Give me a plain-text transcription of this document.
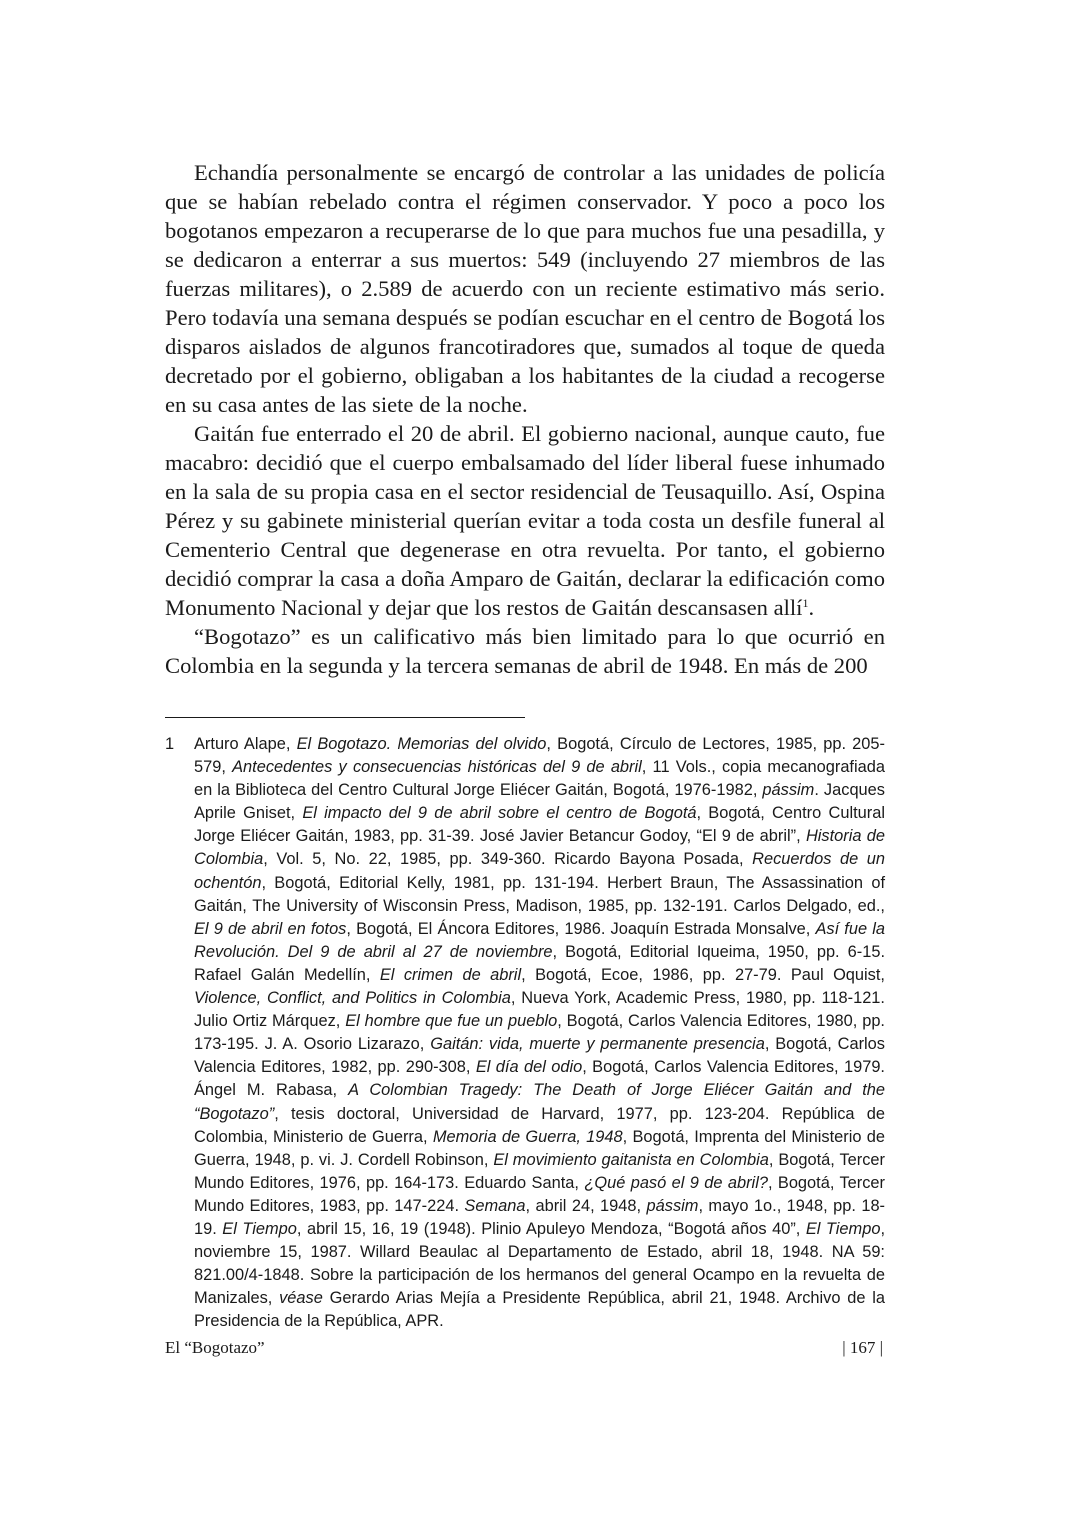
Echandía personalmente se encargó de controlar a las unidades de policía que se habían rebelado contra el régimen conservador. Y poco a poco los bogotanos empezaron a recuperarse de lo que para muchos fue una pesadilla, y se dedicaron a enterrar a sus muertos: 549 (incluyendo 27 miembros de las fuerzas militares), o 2.589 de acuerdo con un reciente estimativo más serio. Pero todavía una semana después se podían escuchar en el centro de Bogotá los disparos aislados de algunos francotiradores que, sumados al toque de queda decretado por el gobierno, obligaban a los habitantes de la ciudad a recogerse en su casa antes de las siete de la noche.

Gaitán fue enterrado el 20 de abril. El gobierno nacional, aunque cauto, fue macabro: decidió que el cuerpo embalsamado del líder liberal fuese inhumado en la sala de su propia casa en el sector residencial de Teusaquillo. Así, Ospina Pérez y su gabinete ministerial querían evitar a toda costa un desfile funeral al Cementerio Central que degenerase en otra revuelta. Por tanto, el gobierno decidió comprar la casa a doña Amparo de Gaitán, declarar la edificación como Monumento Nacional y dejar que los restos de Gaitán descansasen allí$^1$.

“Bogotazo” es un calificativo más bien limitado para lo que ocurrió en Colombia en la segunda y la tercera semanas de abril de 1948. En más de 200

1 Arturo Alape, El Bogotazo. Memorias del olvido, Bogotá, Círculo de Lectores, 1985, pp. 205-579, Antecedentes y consecuencias históricas del 9 de abril, 11 Vols., copia mecanografiada en la Biblioteca del Centro Cultural Jorge Eliécer Gaitán, Bogotá, 1976-1982, pássim. Jacques Aprile Gniset, El impacto del 9 de abril sobre el centro de Bogotá, Bogotá, Centro Cultural Jorge Eliécer Gaitán, 1983, pp. 31-39. José Javier Betancur Godoy, “El 9 de abril”, Historia de Colombia, Vol. 5, No. 22, 1985, pp. 349-360. Ricardo Bayona Posada, Recuerdos de un ochentón, Bogotá, Editorial Kelly, 1981, pp. 131-194. Herbert Braun, The Assassination of Gaitán, The University of Wisconsin Press, Madison, 1985, pp. 132-191. Carlos Delgado, ed., El 9 de abril en fotos, Bogotá, El Áncora Editores, 1986. Joaquín Estrada Monsalve, Así fue la Revolución. Del 9 de abril al 27 de noviembre, Bogotá, Editorial Iqueima, 1950, pp. 6-15. Rafael Galán Medellín, El crimen de abril, Bogotá, Ecoe, 1986, pp. 27-79. Paul Oquist, Violence, Conflict, and Politics in Colombia, Nueva York, Academic Press, 1980, pp. 118-121. Julio Ortiz Márquez, El hombre que fue un pueblo, Bogotá, Carlos Valencia Editores, 1980, pp. 173-195. J. A. Osorio Lizarazo, Gaitán: vida, muerte y permanente presencia, Bogotá, Carlos Valencia Editores, 1982, pp. 290-308, El día del odio, Bogotá, Carlos Valencia Editores, 1979. Ángel M. Rabasa, A Colombian Tragedy: The Death of Jorge Eliécer Gaitán and the “Bogotazo”, tesis doctoral, Universidad de Harvard, 1977, pp. 123-204. República de Colombia, Ministerio de Guerra, Memoria de Guerra, 1948, Bogotá, Imprenta del Ministerio de Guerra, 1948, p. vi. J. Cordell Robinson, El movimiento gaitanista en Colombia, Bogotá, Tercer Mundo Editores, 1976, pp. 164-173. Eduardo Santa, ¿Qué pasó el 9 de abril?, Bogotá, Tercer Mundo Editores, 1983, pp. 147-224. Semana, abril 24, 1948, pássim, mayo 1o., 1948, pp. 18-19. El Tiempo, abril 15, 16, 19 (1948). Plinio Apuleyo Mendoza, “Bogotá años 40”, El Tiempo, noviembre 15, 1987. Willard Beaulac al Departamento de Estado, abril 18, 1948. NA 59: 821.00/4-1848. Sobre la participación de los hermanos del general Ocampo en la revuelta de Manizales, véase Gerardo Arias Mejía a Presidente República, abril 21, 1948. Archivo de la Presidencia de la República, APR.
El “Bogotazo”	| 167 |
